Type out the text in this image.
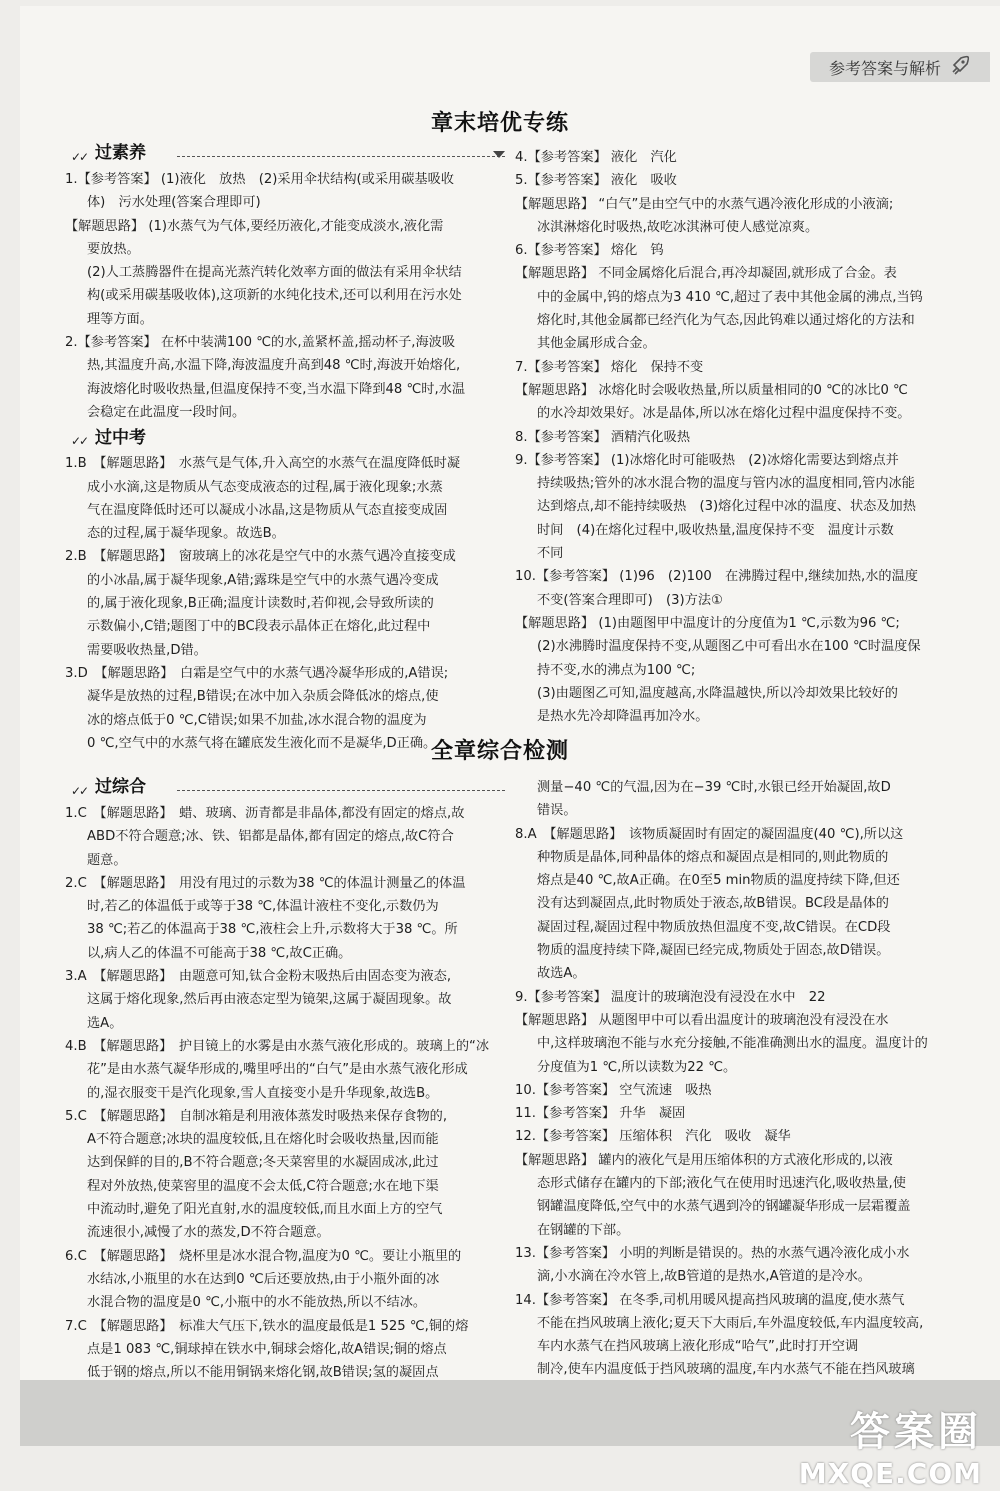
参考答案与解析
章末培优专练
✓✓ 过素养

1.【参考答案】 (1)液化　放热　(2)采用伞状结构(或采用碳基吸收

体)　污水处理(答案合理即可)

【解题思路】 (1)水蒸气为气体,要经历液化,才能变成淡水,液化需

要放热。

(2)人工蒸腾器件在提高光蒸汽转化效率方面的做法有采用伞状结

构(或采用碳基吸收体),这项新的水纯化技术,还可以利用在污水处

理等方面。

2.【参考答案】 在杯中装满100 ℃的水,盖紧杯盖,摇动杯子,海波吸

热,其温度升高,水温下降,海波温度升高到48 ℃时,海波开始熔化,

海波熔化时吸收热量,但温度保持不变,当水温下降到48 ℃时,水温

会稳定在此温度一段时间。

✓✓ 过中考

1.B　【解题思路】　水蒸气是气体,升入高空的水蒸气在温度降低时凝

成小水滴,这是物质从气态变成液态的过程,属于液化现象;水蒸

气在温度降低时还可以凝成小冰晶,这是物质从气态直接变成固

态的过程,属于凝华现象。故选B。

2.B　【解题思路】　窗玻璃上的冰花是空气中的水蒸气遇冷直接变成

的小冰晶,属于凝华现象,A错;露珠是空气中的水蒸气遇冷变成

的,属于液化现象,B正确;温度计读数时,若仰视,会导致所读的

示数偏小,C错;题图丁中的BC段表示晶体正在熔化,此过程中

需要吸收热量,D错。

3.D　【解题思路】　白霜是空气中的水蒸气遇冷凝华形成的,A错误;

凝华是放热的过程,B错误;在冰中加入杂质会降低冰的熔点,使

冰的熔点低于0 ℃,C错误;如果不加盐,冰水混合物的温度为

0 ℃,空气中的水蒸气将在罐底发生液化而不是凝华,D正确。

4.【参考答案】 液化　汽化

5.【参考答案】 液化　吸收

【解题思路】 “白气”是由空气中的水蒸气遇冷液化形成的小液滴;

冰淇淋熔化时吸热,故吃冰淇淋可使人感觉凉爽。

6.【参考答案】 熔化　钨

【解题思路】 不同金属熔化后混合,再冷却凝固,就形成了合金。表

中的金属中,钨的熔点为3 410 ℃,超过了表中其他金属的沸点,当钨

熔化时,其他金属都已经汽化为气态,因此钨难以通过熔化的方法和

其他金属形成合金。

7.【参考答案】 熔化　保持不变

【解题思路】 冰熔化时会吸收热量,所以质量相同的0 ℃的冰比0 ℃

的水冷却效果好。冰是晶体,所以冰在熔化过程中温度保持不变。

8.【参考答案】 酒精汽化吸热

9.【参考答案】 (1)冰熔化时可能吸热　(2)冰熔化需要达到熔点并

持续吸热;管外的冰水混合物的温度与管内冰的温度相同,管内冰能

达到熔点,却不能持续吸热　(3)熔化过程中冰的温度、状态及加热

时间　(4)在熔化过程中,吸收热量,温度保持不变　温度计示数

不同

10.【参考答案】 (1)96　(2)100　在沸腾过程中,继续加热,水的温度

不变(答案合理即可)　(3)方法①

【解题思路】 (1)由题图甲中温度计的分度值为1 ℃,示数为96 ℃;

(2)水沸腾时温度保持不变,从题图乙中可看出水在100 ℃时温度保

持不变,水的沸点为100 ℃;

(3)由题图乙可知,温度越高,水降温越快,所以冷却效果比较好的

是热水先冷却降温再加冷水。

全章综合检测
✓✓ 过综合

1.C　【解题思路】　蜡、玻璃、沥青都是非晶体,都没有固定的熔点,故

ABD不符合题意;冰、铁、铝都是晶体,都有固定的熔点,故C符合

题意。

2.C　【解题思路】　用没有甩过的示数为38 ℃的体温计测量乙的体温

时,若乙的体温低于或等于38 ℃,体温计液柱不变化,示数仍为

38 ℃;若乙的体温高于38 ℃,液柱会上升,示数将大于38 ℃。所

以,病人乙的体温不可能高于38 ℃,故C正确。

3.A　【解题思路】　由题意可知,钛合金粉末吸热后由固态变为液态,

这属于熔化现象,然后再由液态定型为镜架,这属于凝固现象。故

选A。

4.B　【解题思路】　护目镜上的水雾是由水蒸气液化形成的。玻璃上的“冰

花”是由水蒸气凝华形成的,嘴里呼出的“白气”是由水蒸气液化形成

的,湿衣服变干是汽化现象,雪人直接变小是升华现象,故选B。

5.C　【解题思路】　自制冰箱是利用液体蒸发时吸热来保存食物的,

A不符合题意;冰块的温度较低,且在熔化时会吸收热量,因而能

达到保鲜的目的,B不符合题意;冬天菜窖里的水凝固成冰,此过

程对外放热,使菜窖里的温度不会太低,C符合题意;水在地下渠

中流动时,避免了阳光直射,水的温度较低,而且水面上方的空气

流速很小,减慢了水的蒸发,D不符合题意。

6.C　【解题思路】　烧杯里是冰水混合物,温度为0 ℃。要让小瓶里的

水结冰,小瓶里的水在达到0 ℃后还要放热,由于小瓶外面的冰

水混合物的温度是0 ℃,小瓶中的水不能放热,所以不结冰。

7.C　【解题思路】　标准大气压下,铁水的温度最低是1 525 ℃,铜的熔

点是1 083 ℃,铜球掉在铁水中,铜球会熔化,故A错误;铜的熔点

低于钢的熔点,所以不能用铜锅来熔化钢,故B错误;氢的凝固点

测量−40 ℃的气温,因为在−39 ℃时,水银已经开始凝固,故D

错误。

8.A　【解题思路】　该物质凝固时有固定的凝固温度(40 ℃),所以这

种物质是晶体,同种晶体的熔点和凝固点是相同的,则此物质的

熔点是40 ℃,故A正确。在0至5 min物质的温度持续下降,但还

没有达到凝固点,此时物质处于液态,故B错误。BC段是晶体的

凝固过程,凝固过程中物质放热但温度不变,故C错误。在CD段

物质的温度持续下降,凝固已经完成,物质处于固态,故D错误。

故选A。

9.【参考答案】 温度计的玻璃泡没有浸没在水中　22

【解题思路】 从题图甲中可以看出温度计的玻璃泡没有浸没在水

中,这样玻璃泡不能与水充分接触,不能准确测出水的温度。温度计的

分度值为1 ℃,所以读数为22 ℃。

10.【参考答案】 空气流速　吸热

11.【参考答案】 升华　凝固

12.【参考答案】 压缩体积　汽化　吸收　凝华

【解题思路】 罐内的液化气是用压缩体积的方式液化形成的,以液

态形式储存在罐内的下部;液化气在使用时迅速汽化,吸收热量,使

钢罐温度降低,空气中的水蒸气遇到冷的钢罐凝华形成一层霜覆盖

在钢罐的下部。

13.【参考答案】 小明的判断是错误的。热的水蒸气遇冷液化成小水

滴,小水滴在冷水管上,故B管道的是热水,A管道的是冷水。

14.【参考答案】 在冬季,司机用暖风提高挡风玻璃的温度,使水蒸气

不能在挡风玻璃上液化;夏天下大雨后,车外温度较低,车内温度较高,

车内水蒸气在挡风玻璃上液化形成“哈气”,此时打开空调

制冷,使车内温度低于挡风玻璃的温度,车内水蒸气不能在挡风玻璃

答案圈
MXQE.COM
